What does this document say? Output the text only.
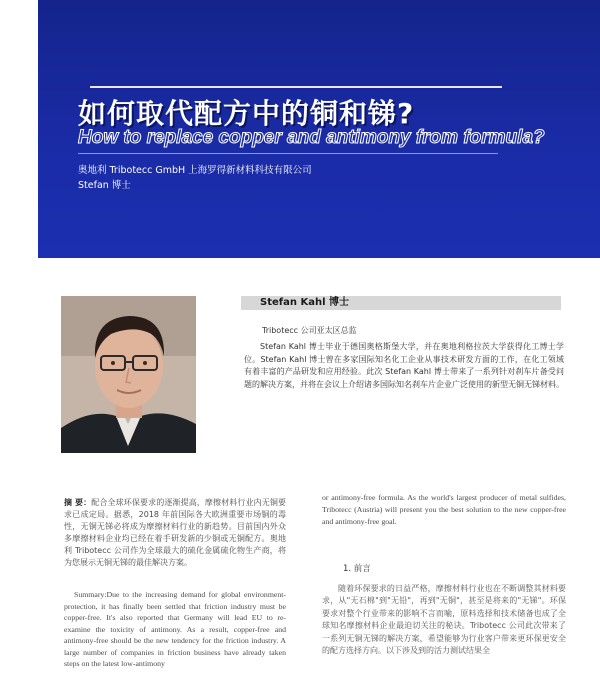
如何取代配方中的铜和锑?
How to replace copper and antimony from formula?
奥地利 Tribotecc GmbH 上海罗得新材料科技有限公司
Stefan 博士
Stefan Kahl 博士
Tribotecc 公司亚太区总监
Stefan Kahl 博士毕业于德国奥格斯堡大学，并在奥地利格拉茨大学获得化工博士学位。Stefan Kahl 博士曾在多家国际知名化工企业从事技术研发方面的工作，在化工领域有着丰富的产品研发和应用经验。此次 Stefan Kahl 博士带来了一系列针对刹车片备受问题的解决方案，并将在会议上介绍诸多国际知名刹车片企业广泛使用的新型无铜无锑材料。
摘 要：配合全球环保要求的逐渐提高，摩擦材料行业内无铜要求已成定局。据悉，2018 年前国际各大欧洲重要市场铜的毒性，无铜无锑必将成为摩擦材料行业的新趋势。目前国内外众多摩擦材料企业均已经在着手研发新的少铜或无铜配方。奥地利 Tribotecc 公司作为全球最大的硫化金属硫化物生产商，将为您展示无铜无锑的最佳解决方案。
Summary:Due to the increasing demand for global environment-protection, it has finally been settled that friction industry must be copper-free. It's also reported that Germany will lead EU to re-examine the toxicity of antimony. As a result, copper-free and antimony-free should be the new tendency for the friction industry. A large number of companies in friction business have already taken steps on the latest low-antimony
or antimony-free formula. As the world's largest producer of metal sulfides, Tribotecc (Austria) will present you the best solution to the new copper-free and antimony-free goal.
1. 前言
随着环保要求的日益严格，摩擦材料行业也在不断调整其材料要求，从"无石棉"到"无铅"，再到"无铜"，甚至是将来的"无锑"。环保要求对整个行业带来的影响不言而喻，原料选择和技术储备也成了全球知名摩擦材料企业最迫切关注的秘诀。Tribotecc 公司此次带来了一系列无铜无锑的解决方案，希望能够为行业客户带来更环保更安全的配方选择方向。以下涉及到的活力测试结果全
